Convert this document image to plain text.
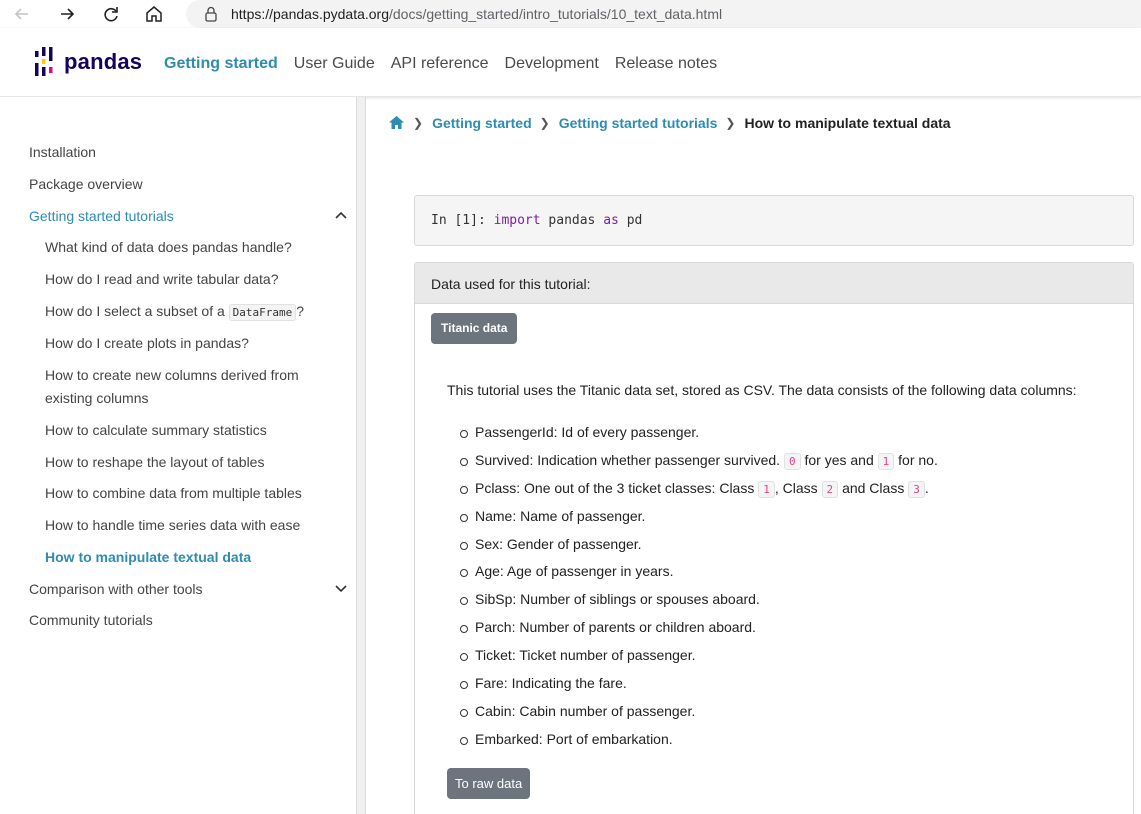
https://pandas.pydata.org/docs/getting_started/intro_tutorials/10_text_data.html
pandas Getting started User Guide API reference Development Release notes
Installation
Package overview
Getting started tutorials
What kind of data does pandas handle?
How do I read and write tabular data?
How do I select a subset of a DataFrame ?
How do I create plots in pandas?
How to create new columns derived from
existing columns
How to calculate summary statistics
How to reshape the layout of tables
How to combine data from multiple tables
How to handle time series data with ease
How to manipulate textual data
Comparison with other tools
Community tutorials
❯ Getting started ❯ Getting started tutorials ❯ How to manipulate textual data
In [1]: import pandas as pd
Data used for this tutorial:
Titanic data
This tutorial uses the Titanic data set, stored as CSV. The data consists of the following data columns:
PassengerId: Id of every passenger.
Survived: Indication whether passenger survived. 0 for yes and 1 for no.
Pclass: One out of the 3 ticket classes: Class 1 , Class 2 and Class 3 .
Name: Name of passenger.
Sex: Gender of passenger.
Age: Age of passenger in years.
SibSp: Number of siblings or spouses aboard.
Parch: Number of parents or children aboard.
Ticket: Ticket number of passenger.
Fare: Indicating the fare.
Cabin: Cabin number of passenger.
Embarked: Port of embarkation.
To raw data
